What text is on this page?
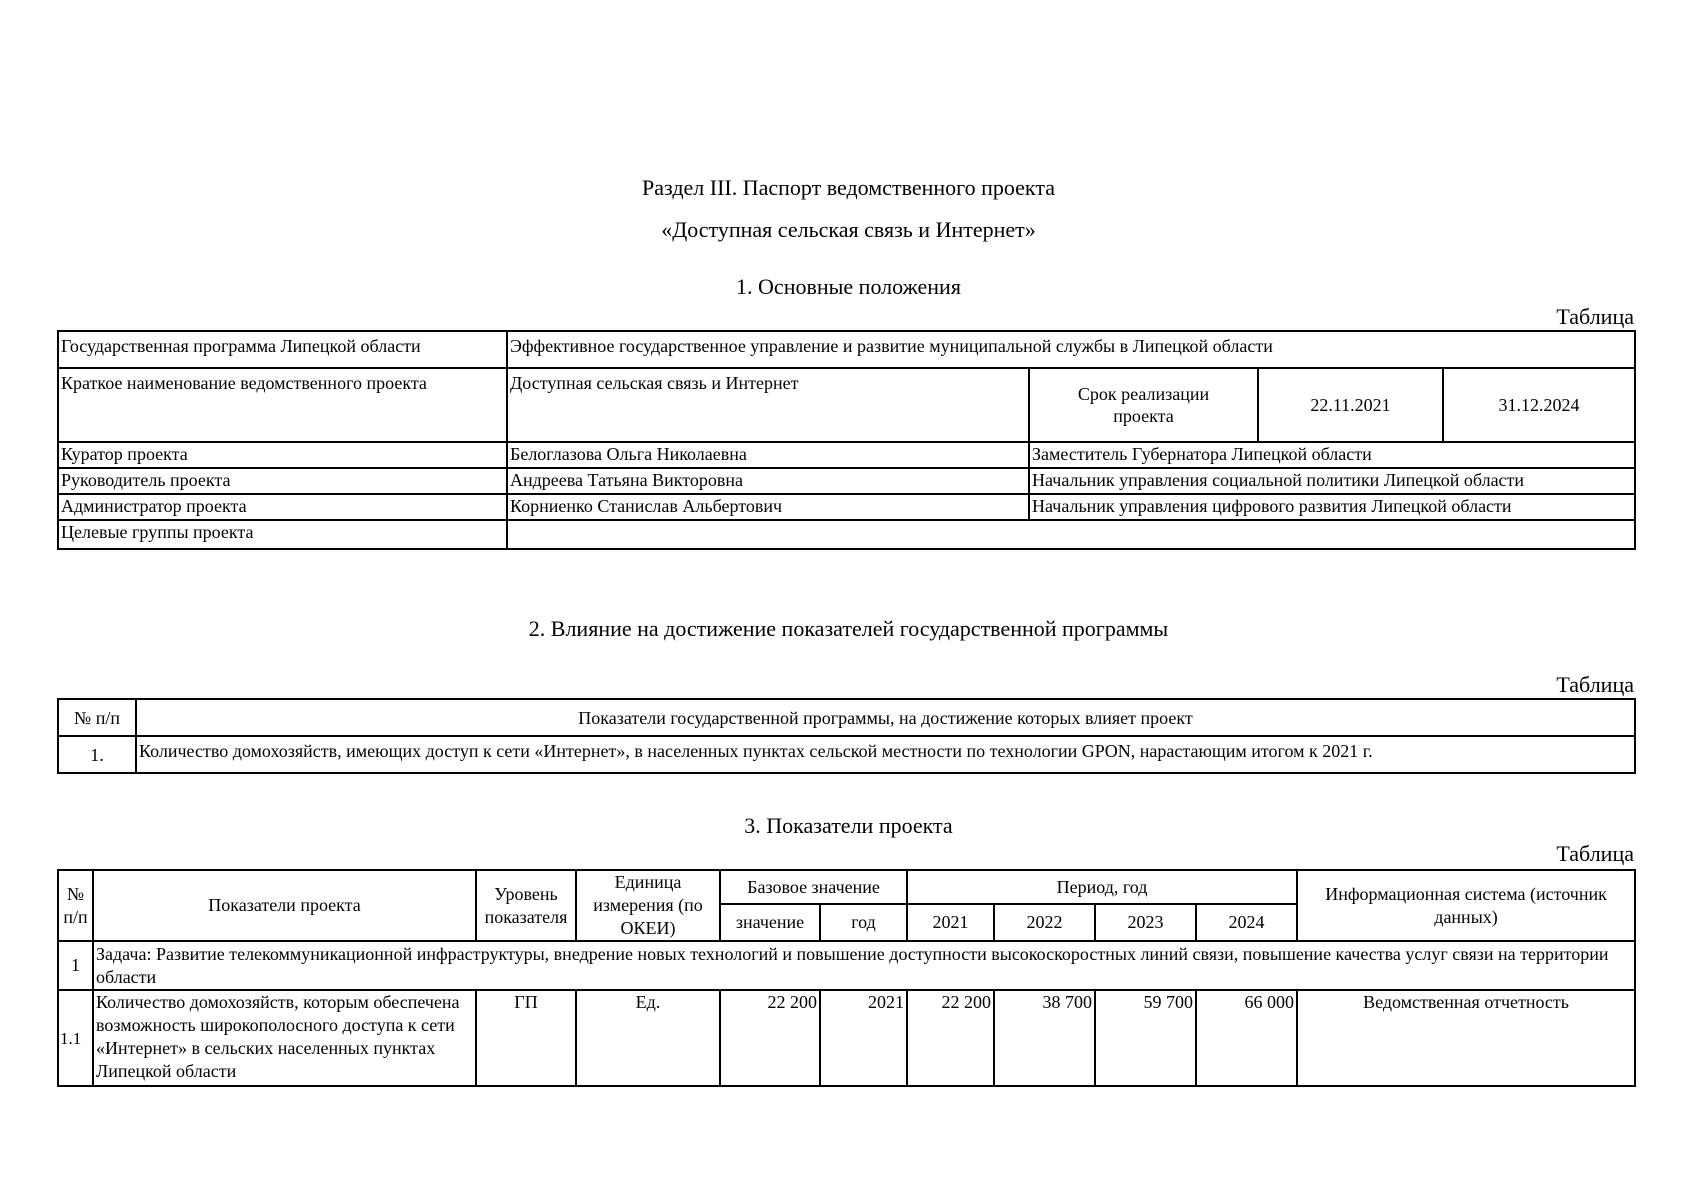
Раздел III. Паспорт ведомственного проекта
«Доступная сельская связь и Интернет»
1. Основные положения
Таблица
Государственная программа Липецкой области	Эффективное государственное управление и развитие муниципальной службы в Липецкой области			
Краткое наименование ведомственного проекта	Доступная сельская связь и Интернет	Срок реализации проекта	22.11.2021	31.12.2024
Куратор проекта	Белоглазова Ольга Николаевна	Заместитель Губернатора Липецкой области		
Руководитель проекта	Андреева Татьяна Викторовна	Начальник управления социальной политики Липецкой области		
Администратор проекта	Корниенко Станислав Альбертович	Начальник управления цифрового развития Липецкой области		
Целевые группы проекта				
2. Влияние на достижение показателей государственной программы
Таблица
№ п/п	Показатели государственной программы, на достижение которых влияет проект
1.	Количество домохозяйств, имеющих доступ к сети «Интернет», в населенных пунктах сельской местности по технологии GPON, нарастающим итогом к 2021 г.
3. Показатели проекта
Таблица
№ п/п	Показатели проекта	Уровень показателя	Единица измерения (по ОКЕИ)	Базовое значение		Период, год				Информационная система (источник данных)
				значение	год	2021	2022	2023	2024	
1	Задача: Развитие телекоммуникационной инфраструктуры, внедрение новых технологий и повышение доступности высокоскоростных линий связи, повышение качества услуг связи на территории области									
1.1	Количество домохозяйств, которым обеспечена возможность широкополосного доступа к сети «Интернет» в сельских населенных пунктах Липецкой области	ГП	Ед.	22 200	2021	22 200	38 700	59 700	66 000	Ведомственная отчетность
